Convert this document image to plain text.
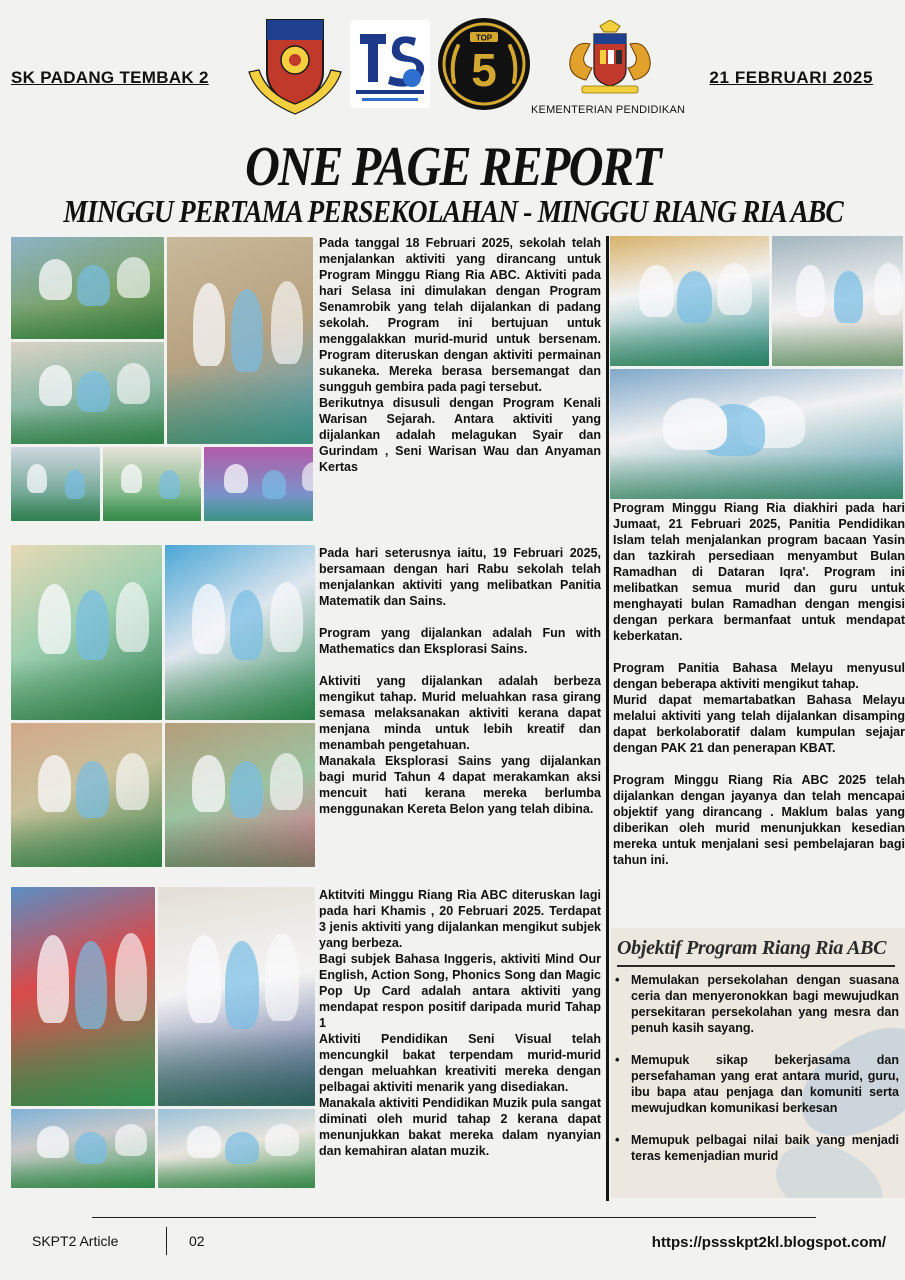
SK PADANG TEMBAK 2	21 FEBRUARI 2025
TOP
5
KEMENTERIAN PENDIDIKAN
ONE PAGE REPORT
MINGGU PERTAMA PERSEKOLAHAN - MINGGU RIANG RIA ABC

Pada tanggal 18 Februari 2025, sekolah telah menjalankan aktiviti yang dirancang untuk Program Minggu Riang Ria ABC. Aktiviti pada hari Selasa ini dimulakan dengan Program Senamrobik yang telah dijalankan di padang sekolah. Program ini bertujuan untuk menggalakkan murid-murid untuk bersenam. Program diteruskan dengan aktiviti permainan sukaneka. Mereka berasa bersemangat dan sungguh gembira pada pagi tersebut.

Berikutnya disusuli dengan Program Kenali Warisan Sejarah. Antara aktiviti yang dijalankan adalah melagukan Syair dan Gurindam , Seni Warisan Wau dan Anyaman Kertas

Pada hari seterusnya iaitu, 19 Februari 2025, bersamaan dengan hari Rabu sekolah telah menjalankan aktiviti yang melibatkan Panitia Matematik dan Sains.

Program yang dijalankan adalah Fun with Mathematics dan Eksplorasi Sains.

Aktiviti yang dijalankan adalah berbeza mengikut tahap. Murid meluahkan rasa girang semasa melaksanakan aktiviti kerana dapat menjana minda untuk lebih kreatif dan menambah pengetahuan.

Manakala Eksplorasi Sains yang dijalankan bagi murid Tahun 4 dapat merakamkan aksi mencuit hati kerana mereka berlumba menggunakan Kereta Belon yang telah dibina.

Aktitviti Minggu Riang Ria ABC diteruskan lagi pada hari Khamis , 20 Februari 2025. Terdapat 3 jenis aktiviti yang dijalankan mengikut subjek yang berbeza.

Bagi subjek Bahasa Inggeris, aktiviti Mind Our English, Action Song, Phonics Song dan Magic Pop Up Card adalah antara aktiviti yang mendapat respon positif daripada murid Tahap 1

Aktiviti Pendidikan Seni Visual telah mencungkil bakat terpendam murid-murid dengan meluahkan kreativiti mereka dengan pelbagai aktiviti menarik yang disediakan.

Manakala aktiviti Pendidikan Muzik pula sangat diminati oleh murid tahap 2 kerana dapat menunjukkan bakat mereka dalam nyanyian dan kemahiran alatan muzik.

Program Minggu Riang Ria diakhiri pada hari Jumaat, 21 Februari 2025, Panitia Pendidikan Islam telah menjalankan program bacaan Yasin dan tazkirah persediaan menyambut Bulan Ramadhan di Dataran Iqra'. Program ini melibatkan semua murid dan guru untuk menghayati bulan Ramadhan dengan mengisi dengan perkara bermanfaat untuk mendapat keberkatan.

Program Panitia Bahasa Melayu menyusul dengan beberapa aktiviti mengikut tahap.

Murid dapat memartabatkan Bahasa Melayu melalui aktiviti yang telah dijalankan disamping dapat berkolaboratif dalam kumpulan sejajar dengan PAK 21 dan penerapan KBAT.

Program Minggu Riang Ria ABC 2025 telah dijalankan dengan jayanya dan telah mencapai objektif yang dirancang . Maklum balas yang diberikan oleh murid menunjukkan kesedian mereka untuk menjalani sesi pembelajaran bagi tahun ini.

Objektif Program Riang Ria ABC
• Memulakan persekolahan dengan suasana ceria dan menyeronokkan bagi mewujudkan persekitaran persekolahan yang mesra dan penuh kasih sayang.
• Memupuk sikap bekerjasama dan persefahaman yang erat antara murid, guru, ibu bapa atau penjaga dan komuniti serta mewujudkan komunikasi berkesan
• Memupuk pelbagai nilai baik yang menjadi teras kemenjadian murid
SKPT2 Article	02	https://pssskpt2kl.blogspot.com/
